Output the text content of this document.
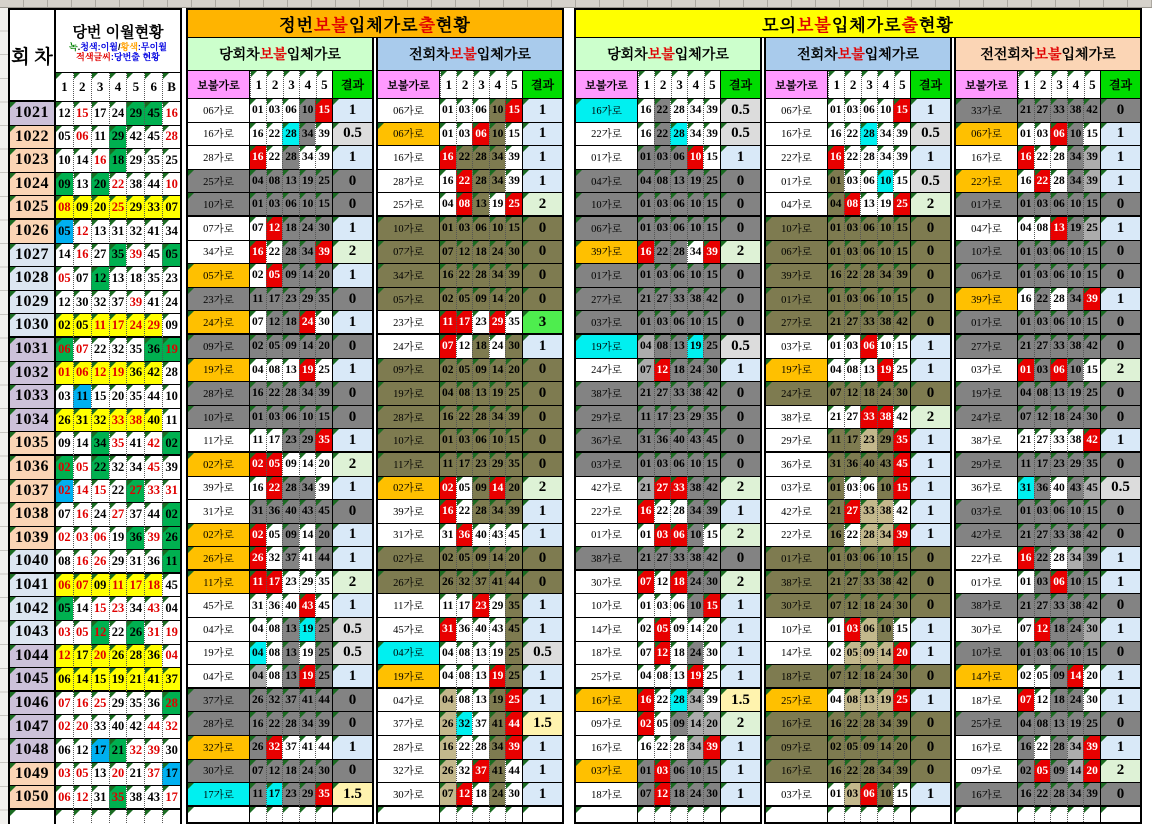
회 차
당번 이월현황
녹.청색:이월/황색:무이월
적색글씨:당번출 현황
1 2 3 4 5 6 B
1021 12 15 17 24 29 45 16
1022 05 06 11 29 42 45 28
1023 10 14 16 18 29 35 25
1024 09 13 20 22 38 44 10
1025 08 09 20 25 29 33 07
1026 05 12 13 31 32 41 34
1027 14 16 27 35 39 45 05
1028 05 07 12 13 18 35 23
1029 12 30 32 37 39 41 24
1030 02 05 11 17 24 29 09
1031 06 07 22 32 35 36 19
1032 01 06 12 19 36 42 28
1033 03 11 15 20 35 44 10
1034 26 31 32 33 38 40 11
1035 09 14 34 35 41 42 02
1036 02 05 22 32 34 45 39
1037 02 14 15 22 27 33 31
1038 07 16 24 27 37 44 02
1039 02 03 06 19 36 39 26
1040 08 16 26 29 31 36 11
1041 06 07 09 11 17 18 45
1042 05 14 15 23 34 43 04
1043 03 05 12 22 26 31 19
1044 12 17 20 26 28 36 04
1045 06 14 15 19 21 41 37
1046 07 16 25 29 35 36 28
1047 02 20 33 40 42 44 32
1048 06 12 17 21 32 39 30
1049 03 05 13 20 21 37 17
1050 06 12 31 35 38 43 17
정번 보불 입체가로 출 현황
당회차 보불 입체가로
보불가로	1 2 3 4 5	결과
06가로	01 03 06 10 15	1
16가로	16 22 28 34 39 0.5
28가로	16 22 28 34 39	1
25가로	04 08 13 19 25	0
10가로	01 03 06 10 15	0
07가로	07 12 18 24 30	1
34가로	16 22 28 34 39	2
05가로	02 05 09 14 20	1
23가로	11 17 23 29 35	0
24가로	07 12 18 24 30	1
09가로	02 05 09 14 20	0
19가로	04 08 13 19 25	1
28가로	16 22 28 34 39	0
10가로	01 03 06 10 15	0
11가로	11 17 23 29 35	1
02가로	02 05 09 14 20	2
39가로	16 22 28 34 39	1
31가로	31 36 40 43 45	0
02가로	02 05 09 14 20	1
26가로	26 32 37 41 44	1
11가로	11 17 23 29 35	2
45가로	31 36 40 43 45	1
04가로	04 08 13 19 25 0.5
19가로	04 08 13 19 25 0.5
04가로	04 08 13 19 25	1
37가로	26 32 37 41 44	0
28가로	16 22 28 34 39	0
32가로	26 32 37 41 44	1
30가로	07 12 18 24 30	0
17가로	11 17 23 29 35 1.5
전회차 보불 입체가로
보불가로	1 2 3 4 5	결과
06가로	01 03 06 10 15	1
06가로	01 03 06 10 15	1
16가로	16 22 28 34 39	1
28가로	16 22 28 34 39	1
25가로	04 08 13 19 25	2
10가로	01 03 06 10 15	0
07가로	07 12 18 24 30	0
34가로	16 22 28 34 39	0
05가로	02 05 09 14 20	0
23가로	11 17 23 29 35	3
24가로	07 12 18 24 30	1
09가로	02 05 09 14 20	0
19가로	04 08 13 19 25	0
28가로	16 22 28 34 39	0
10가로	01 03 06 10 15	0
11가로	11 17 23 29 35	0
02가로	02 05 09 14 20	2
39가로	16 22 28 34 39	1
31가로	31 36 40 43 45	1
02가로	02 05 09 14 20	0
26가로	26 32 37 41 44	0
11가로	11 17 23 29 35	1
45가로	31 36 40 43 45	1
04가로	04 08 13 19 25 0.5
19가로	04 08 13 19 25	1
04가로	04 08 13 19 25	1
37가로	26 32 37 41 44 1.5
28가로	16 22 28 34 39	1
32가로	26 32 37 41 44	1
30가로	07 12 18 24 30	1
모의 보불 입체가로 출 현황
당회차 보불 입체가로
보불가로	1 2 3 4 5	결과
16가로	16 22 28 34 39 0.5
22가로	16 22 28 34 39 0.5
01가로	01 03 06 10 15	1
04가로	04 08 13 19 25	0
10가로	01 03 06 10 15	0
06가로	01 03 06 10 15	0
39가로	16 22 28 34 39	2
01가로	01 03 06 10 15	0
27가로	21 27 33 38 42	0
03가로	01 03 06 10 15	0
19가로	04 08 13 19 25 0.5
24가로	07 12 18 24 30	1
38가로	21 27 33 38 42	0
29가로	11 17 23 29 35	0
36가로	31 36 40 43 45	0
03가로	01 03 06 10 15	0
42가로	21 27 33 38 42	2
22가로	16 22 28 34 39	1
01가로	01 03 06 10 15	2
38가로	21 27 33 38 42	0
30가로	07 12 18 24 30	2
10가로	01 03 06 10 15	1
14가로	02 05 09 14 20	1
18가로	07 12 18 24 30	1
25가로	04 08 13 19 25	1
16가로	16 22 28 34 39 1.5
09가로	02 05 09 14 20	2
16가로	16 22 28 34 39	1
03가로	01 03 06 10 15	1
18가로	07 12 18 24 30	1
전회차 보불 입체가로
보불가로	1 2 3 4 5	결과
06가로	01 03 06 10 15	1
16가로	16 22 28 34 39 0.5
22가로	16 22 28 34 39	1
01가로	01 03 06 10 15 0.5
04가로	04 08 13 19 25	2
10가로	01 03 06 10 15	0
06가로	01 03 06 10 15	0
39가로	16 22 28 34 39	0
01가로	01 03 06 10 15	0
27가로	21 27 33 38 42	0
03가로	01 03 06 10 15	1
19가로	04 08 13 19 25	1
24가로	07 12 18 24 30	0
38가로	21 27 33 38 42	2
29가로	11 17 23 29 35	1
36가로	31 36 40 43 45	1
03가로	01 03 06 10 15	1
42가로	21 27 33 38 42	1
22가로	16 22 28 34 39	1
01가로	01 03 06 10 15	0
38가로	21 27 33 38 42	0
30가로	07 12 18 24 30	0
10가로	01 03 06 10 15	1
14가로	02 05 09 14 20	1
18가로	07 12 18 24 30	0
25가로	04 08 13 19 25	1
16가로	16 22 28 34 39	0
09가로	02 05 09 14 20	0
16가로	16 22 28 34 39	0
03가로	01 03 06 10 15	1
전전회차 보불 입체가로
보불가로	1 2 3 4 5	결과
33가로	21 27 33 38 42	0
06가로	01 03 06 10 15	1
16가로	16 22 28 34 39	1
22가로	16 22 28 34 39	1
01가로	01 03 06 10 15	0
04가로	04 08 13 19 25	1
10가로	01 03 06 10 15	0
06가로	01 03 06 10 15	0
39가로	16 22 28 34 39	1
01가로	01 03 06 10 15	0
27가로	21 27 33 38 42	0
03가로	01 03 06 10 15	2
19가로	04 08 13 19 25	0
24가로	07 12 18 24 30	0
38가로	21 27 33 38 42	1
29가로	11 17 23 29 35	0
36가로	31 36 40 43 45 0.5
03가로	01 03 06 10 15	0
42가로	21 27 33 38 42	0
22가로	16 22 28 34 39	1
01가로	01 03 06 10 15	1
38가로	21 27 33 38 42	0
30가로	07 12 18 24 30	1
10가로	01 03 06 10 15	0
14가로	02 05 09 14 20	1
18가로	07 12 18 24 30	1
25가로	04 08 13 19 25	0
16가로	16 22 28 34 39	1
09가로	02 05 09 14 20	2
16가로	16 22 28 34 39	0
